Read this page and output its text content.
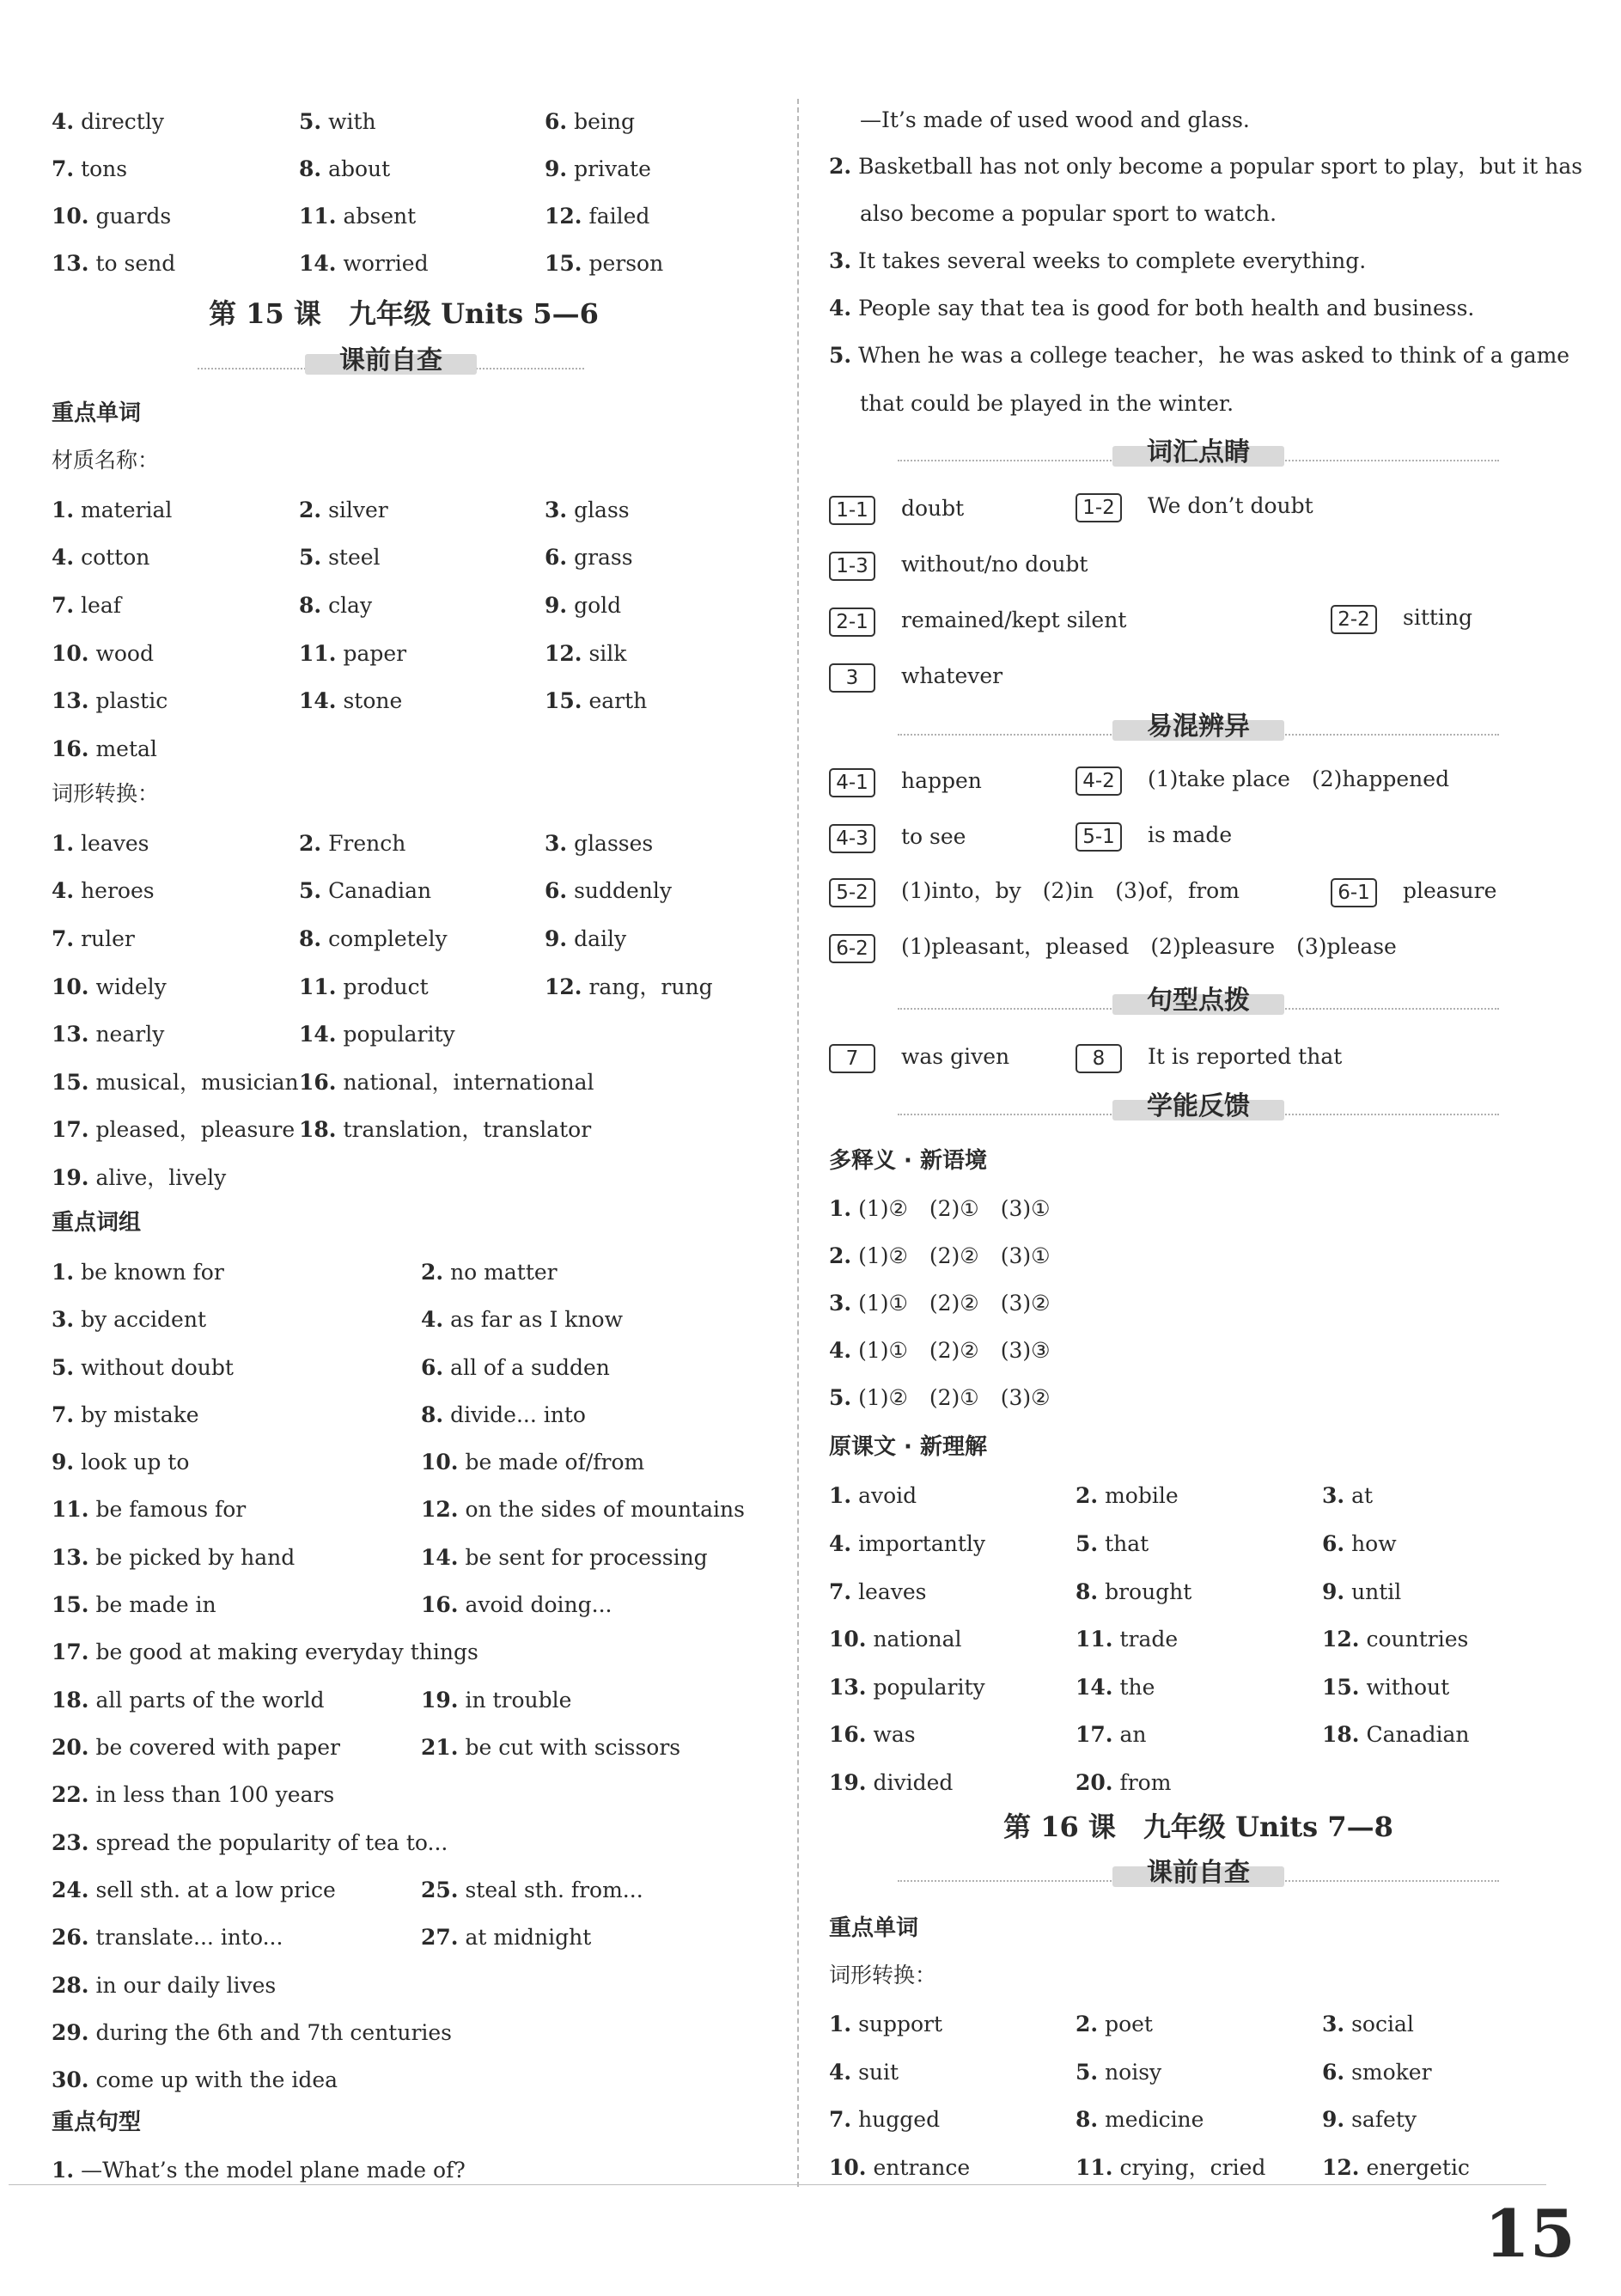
4. directly	5. with	6. being
7. tons	8. about	9. private
10. guards	11. absent	12. failed
13. to send	14. worried	15. person
第 15 课　九年级 Units 5—6
课前自查
重点单词
材质名称：
1. material	2. silver	3. glass
4. cotton	5. steel	6. grass
7. leaf	8. clay	9. gold
10. wood	11. paper	12. silk
13. plastic	14. stone	15. earth
16. metal
词形转换：
1. leaves	2. French	3. glasses
4. heroes	5. Canadian	6. suddenly
7. ruler	8. completely	9. daily
10. widely	11. product	12. rang，rung
13. nearly	14. popularity
15. musical，musician 16. national，international
17. pleased，pleasure 18. translation，translator
19. alive，lively
重点词组
1. be known for	2. no matter
3. by accident	4. as far as I know
5. without doubt	6. all of a sudden
7. by mistake	8. divide... into
9. look up to	10. be made of/from
11. be famous for	12. on the sides of mountains
13. be picked by hand	14. be sent for processing
15. be made in	16. avoid doing...
17. be good at making everyday things
18. all parts of the world	19. in trouble
20. be covered with paper	21. be cut with scissors
22. in less than 100 years
23. spread the popularity of tea to...
24. sell sth. at a low price	25. steal sth. from...
26. translate... into...	27. at midnight
28. in our daily lives
29. during the 6th and 7th centuries
30. come up with the idea
重点句型
1. —What’s the model plane made of?
—It’s made of used wood and glass.
2. Basketball has not only become a popular sport to play，but it has
also become a popular sport to watch.
3. It takes several weeks to complete everything.
4. People say that tea is good for both health and business.
5. When he was a college teacher，he was asked to think of a game
that could be played in the winter.
词汇点睛
1-1	doubt	1-2	We don’t doubt
1-3	without/no doubt
2-1	remained/kept silent	2-2	sitting
3	whatever
易混辨异
4-1	happen	4-2	(1)take place　(2)happened
4-3	to see	5-1	is made
5-2	(1)into，by　(2)in　(3)of，from	6-1	pleasure
6-2	(1)pleasant，pleased　(2)pleasure　(3)please
句型点拨
7	was given	8	It is reported that
学能反馈
多释义 · 新语境
1. (1)②　(2)①　(3)①
2. (1)②　(2)②　(3)①
3. (1)①　(2)②　(3)②
4. (1)①　(2)②　(3)③
5. (1)②　(2)①　(3)②
原课文 · 新理解
1. avoid	2. mobile	3. at
4. importantly	5. that	6. how
7. leaves	8. brought	9. until
10. national	11. trade	12. countries
13. popularity	14. the	15. without
16. was	17. an	18. Canadian
19. divided	20. from
第 16 课　九年级 Units 7—8
课前自查
重点单词
词形转换：
1. support	2. poet	3. social
4. suit	5. noisy	6. smoker
7. hugged	8. medicine	9. safety
10. entrance	11. crying，cried	12. energetic
15
